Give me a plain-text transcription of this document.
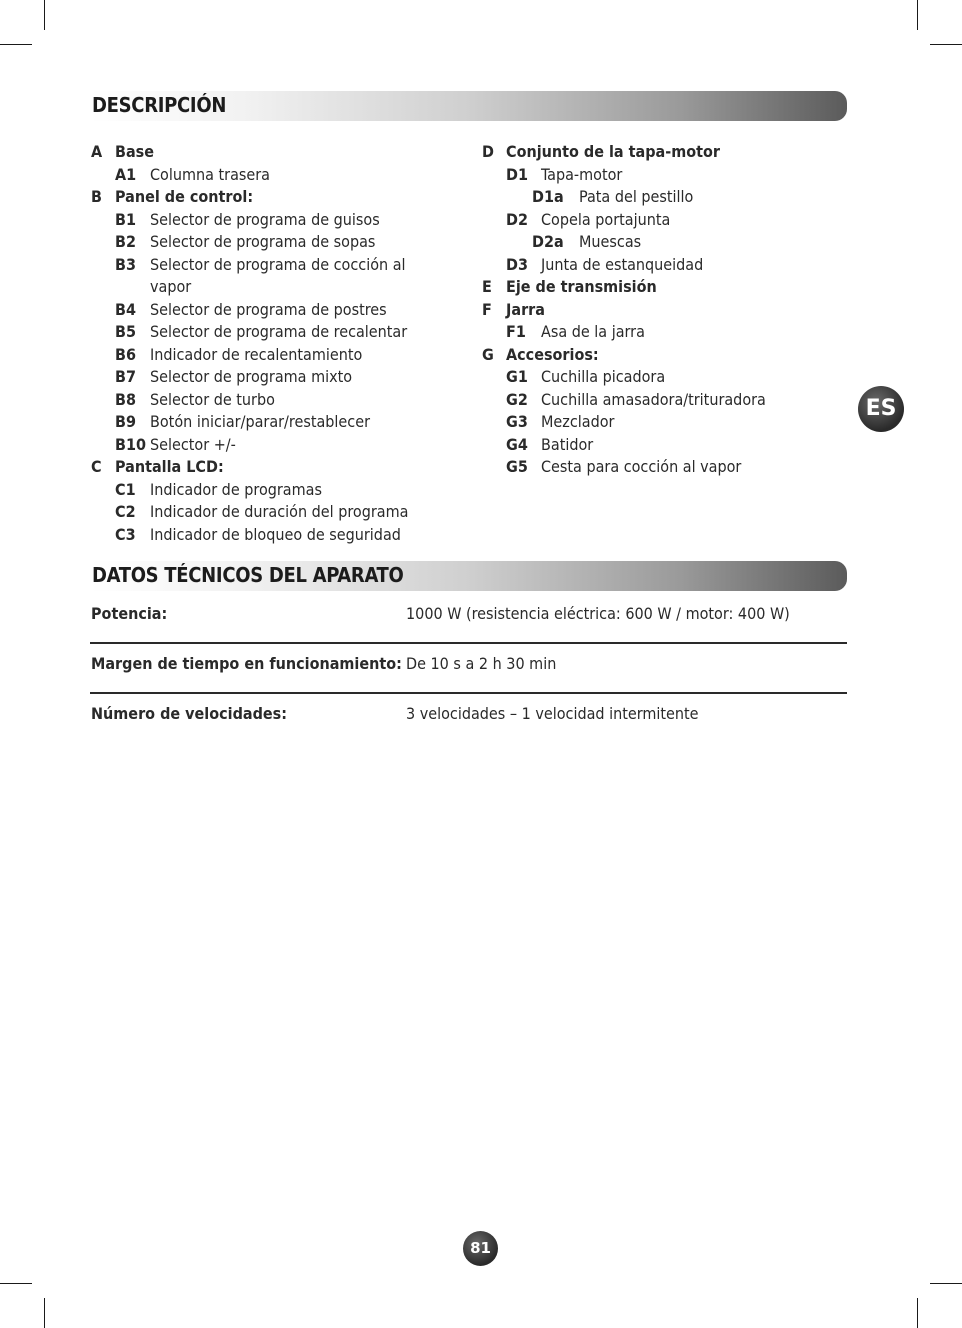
DESCRIPCIÓN
A Base
A1 Columna trasera
B Panel de control:
B1 Selector de programa de guisos
B2 Selector de programa de sopas
B3 Selector de programa de cocción al
vapor
B4 Selector de programa de postres
B5 Selector de programa de recalentar
B6 Indicador de recalentamiento
B7 Selector de programa mixto
B8 Selector de turbo
B9 Botón iniciar/parar/restablecer
B10 Selector +/-
C Pantalla LCD:
C1 Indicador de programas
C2 Indicador de duración del programa
C3 Indicador de bloqueo de seguridad
D Conjunto de la tapa-motor
D1 Tapa-motor
D1a Pata del pestillo
D2 Copela portajunta
D2a Muescas
D3 Junta de estanqueidad
E Eje de transmisión
F Jarra
F1 Asa de la jarra
G Accesorios:
G1 Cuchilla picadora
G2 Cuchilla amasadora/trituradora
G3 Mezclador
G4 Batidor
G5 Cesta para cocción al vapor
DATOS TÉCNICOS DEL APARATO
Potencia:	1000 W (resistencia eléctrica: 600 W / motor: 400 W)
Margen de tiempo en funcionamiento: De 10 s a 2 h 30 min
Número de velocidades:	3 velocidades – 1 velocidad intermitente
ES
81
